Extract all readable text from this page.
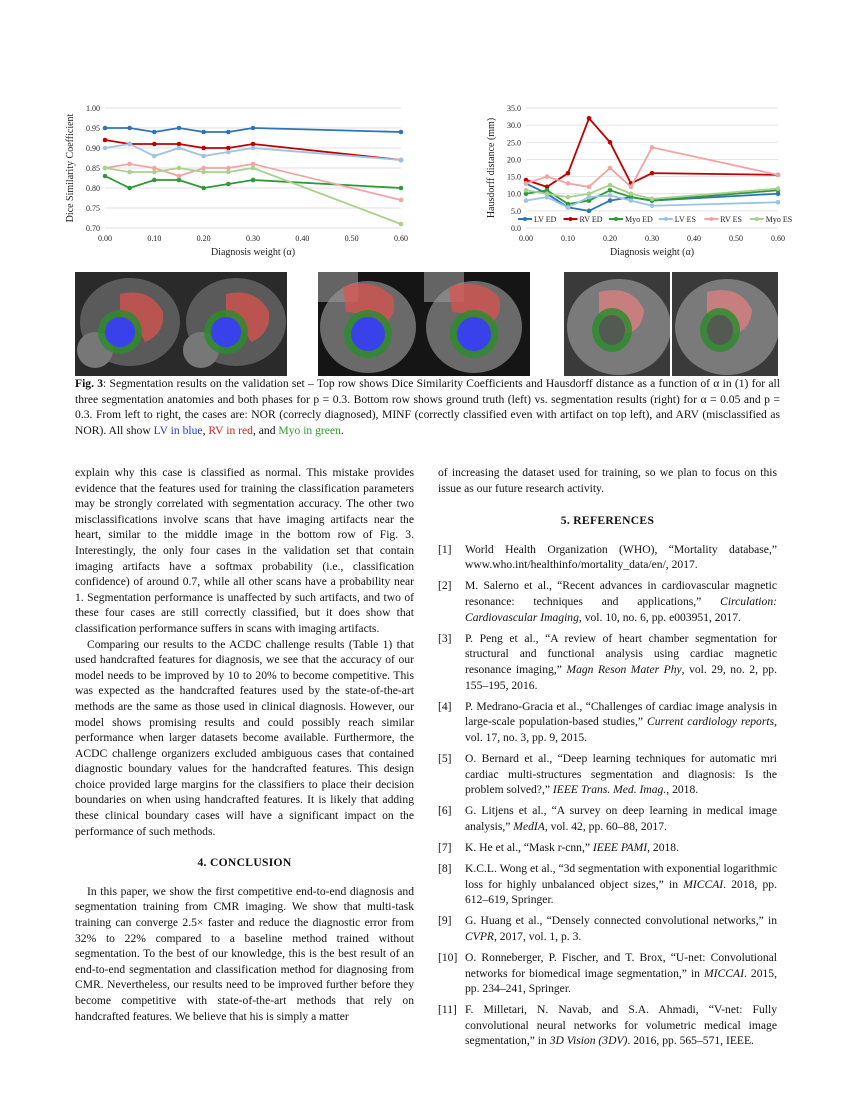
0.70
0.75
0.80
0.85
0.90
0.95
1.00
0.00	0.10	0.20	0.30	0.40	0.50	0.60
Diagnosis weight (α)
Dice Similarity Coefficient
0.0
5.0
10.0
15.0
20.0
25.0
30.0
35.0
0.00	0.10	0.20	0.30	0.40	0.50	0.60
Diagnosis weight (α)
Hausdorff distance (mm)
LV ED	RV ED	Myo ED	LV ES	RV ES	Myo ES
Fig. 3: Segmentation results on the validation set – Top row shows Dice Similarity Coefficients and Hausdorff distance as a function of α in (1) for all three segmentation anatomies and both phases for p = 0.3. Bottom row shows ground truth (left) vs. segmentation results (right) for α = 0.05 and p = 0.3. From left to right, the cases are: NOR (correcly diagnosed), MINF (correctly classified even with artifact on top left), and ARV (misclassified as NOR). All show LV in blue, RV in red, and Myo in green.

explain why this case is classified as normal. This mistake provides evidence that the features used for training the classification parameters may be strongly correlated with segmentation accuracy. The other two misclassifications involve scans that have imaging artifacts near the heart, similar to the middle image in the bottom row of Fig. 3. Interestingly, the only four cases in the validation set that contain imaging artifacts have a softmax probability (i.e., classification confidence) of around 0.7, while all other scans have a probability near 1. Segmentation performance is unaffected by such artifacts, and two of these four cases are still correctly classified, but it does show that classification performance suffers in scans with imaging artifacts.

Comparing our results to the ACDC challenge results (Table 1) that used handcrafted features for diagnosis, we see that the accuracy of our model needs to be improved by 10 to 20% to become competitive. This was expected as the handcrafted features used by the state-of-the-art methods are the same as those used in clinical diagnosis. However, our model shows promising results and could possibly reach similar performance when larger datasets become available. Furthermore, the ACDC challenge organizers excluded ambiguous cases that contained diagnostic boundary values for the handcrafted features. This design choice provided large margins for the classifiers to place their decision boundaries on when using handcrafted features. It is likely that adding these clinical boundary cases will have a significant impact on the performance of such methods.

4. CONCLUSION

In this paper, we show the first competitive end-to-end diagnosis and segmentation training from CMR imaging. We show that multi-task training can converge 2.5× faster and reduce the diagnostic error from 32% to 22% compared to a baseline method trained without segmentation. To the best of our knowledge, this is the best result of an end-to-end segmentation and classification method for diagnosing from CMR. Nevertheless, our results need to be improved further before they become competitive with state-of-the-art methods that rely on handcrafted features. We believe that his is simply a matter

of increasing the dataset used for training, so we plan to focus on this issue as our future research activity.

5. REFERENCES
[1] World Health Organization (WHO), “Mortality database,” www.who.int/healthinfo/mortality_data/en/, 2017.
[2] M. Salerno et al., “Recent advances in cardiovascular magnetic resonance: techniques and applications,” Circulation: Cardiovascular Imaging, vol. 10, no. 6, pp. e003951, 2017.
[3] P. Peng et al., “A review of heart chamber segmentation for structural and functional analysis using cardiac magnetic resonance imaging,” Magn Reson Mater Phy, vol. 29, no. 2, pp. 155–195, 2016.
[4] P. Medrano-Gracia et al., “Challenges of cardiac image analysis in large-scale population-based studies,” Current cardiology reports, vol. 17, no. 3, pp. 9, 2015.
[5] O. Bernard et al., “Deep learning techniques for automatic mri cardiac multi-structures segmentation and diagnosis: Is the problem solved?,” IEEE Trans. Med. Imag., 2018.
[6] G. Litjens et al., “A survey on deep learning in medical image analysis,” MedIA, vol. 42, pp. 60–88, 2017.
[7] K. He et al., “Mask r-cnn,” IEEE PAMI, 2018.
[8] K.C.L. Wong et al., “3d segmentation with exponential logarithmic loss for highly unbalanced object sizes,” in MICCAI. 2018, pp. 612–619, Springer.
[9] G. Huang et al., “Densely connected convolutional networks,” in CVPR, 2017, vol. 1, p. 3.
[10] O. Ronneberger, P. Fischer, and T. Brox, “U-net: Convolutional networks for biomedical image segmentation,” in MICCAI. 2015, pp. 234–241, Springer.
[11] F. Milletari, N. Navab, and S.A. Ahmadi, “V-net: Fully convolutional neural networks for volumetric medical image segmentation,” in 3D Vision (3DV). 2016, pp. 565–571, IEEE.
